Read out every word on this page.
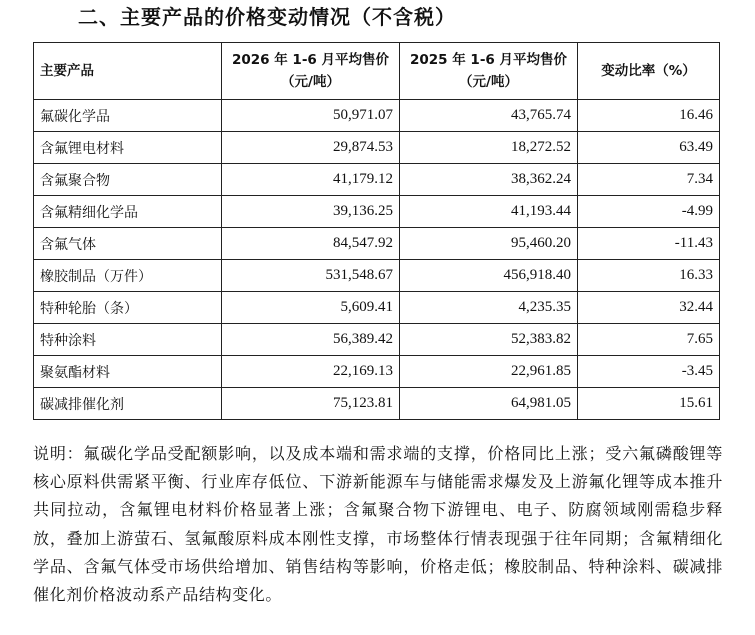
二、主要产品的价格变动情况（不含税）
主要产品	2026 年 1-6 月平均售价（元/吨）	2025 年 1-6 月平均售价（元/吨）	变动比率（%）
氟碳化学品	50,971.07	43,765.74	16.46
含氟锂电材料	29,874.53	18,272.52	63.49
含氟聚合物	41,179.12	38,362.24	7.34
含氟精细化学品	39,136.25	41,193.44	-4.99
含氟气体	84,547.92	95,460.20	-11.43
橡胶制品（万件）	531,548.67	456,918.40	16.33
特种轮胎（条）	5,609.41	4,235.35	32.44
特种涂料	56,389.42	52,383.82	7.65
聚氨酯材料	22,169.13	22,961.85	-3.45
碳减排催化剂	75,123.81	64,981.05	15.61

说明：氟碳化学品受配额影响，以及成本端和需求端的支撑，价格同比上涨；受六氟磷酸锂等核心原料供需紧平衡、行业库存低位、下游新能源车与储能需求爆发及上游氟化锂等成本推升共同拉动，含氟锂电材料价格显著上涨；含氟聚合物下游锂电、电子、防腐领域刚需稳步释放，叠加上游萤石、氢氟酸原料成本刚性支撑，市场整体行情表现强于往年同期；含氟精细化学品、含氟气体受市场供给增加、销售结构等影响，价格走低；橡胶制品、特种涂料、碳减排催化剂价格波动系产品结构变化。
